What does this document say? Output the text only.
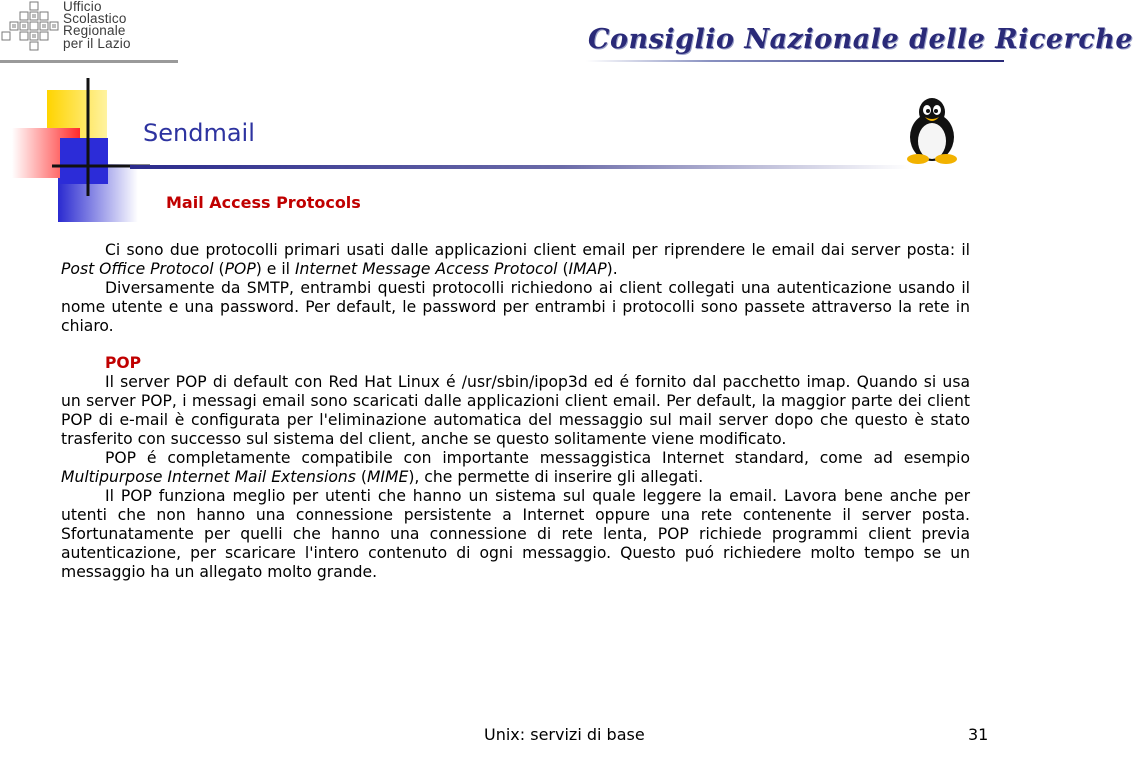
Ufficio
Scolastico
Regionale
per il Lazio	Consiglio Nazionale delle Ricerche
Sendmail
Mail Access Protocols

Ci sono due protocolli primari usati dalle applicazioni client email per riprendere le email dai server posta: il Post Office Protocol (POP) e il Internet Message Access Protocol (IMAP).

Diversamente da SMTP, entrambi questi protocolli richiedono ai client collegati una autenticazione usando il nome utente e una password. Per default, le password per entrambi i protocolli sono passete attraverso la rete in chiaro.

POP

Il server POP di default con Red Hat Linux é /usr/sbin/ipop3d ed é fornito dal pacchetto imap. Quando si usa un server POP, i messagi email sono scaricati dalle applicazioni client email. Per default, la maggior parte dei client POP di e-mail è configurata per l'eliminazione automatica del messaggio sul mail server dopo che questo è stato trasferito con successo sul sistema del client, anche se questo solitamente viene modificato.

POP é completamente compatibile con importante messaggistica Internet standard, come ad esempio Multipurpose Internet Mail Extensions (MIME), che permette di inserire gli allegati.

Il POP funziona meglio per utenti che hanno un sistema sul quale leggere la email. Lavora bene anche per utenti che non hanno una connessione persistente a Internet oppure una rete contenente il server posta. Sfortunatamente per quelli che hanno una connessione di rete lenta, POP richiede programmi client previa autenticazione, per scaricare l'intero contenuto di ogni messaggio. Questo puó richiedere molto tempo se un messaggio ha un allegato molto grande.

Unix: servizi di base	31
